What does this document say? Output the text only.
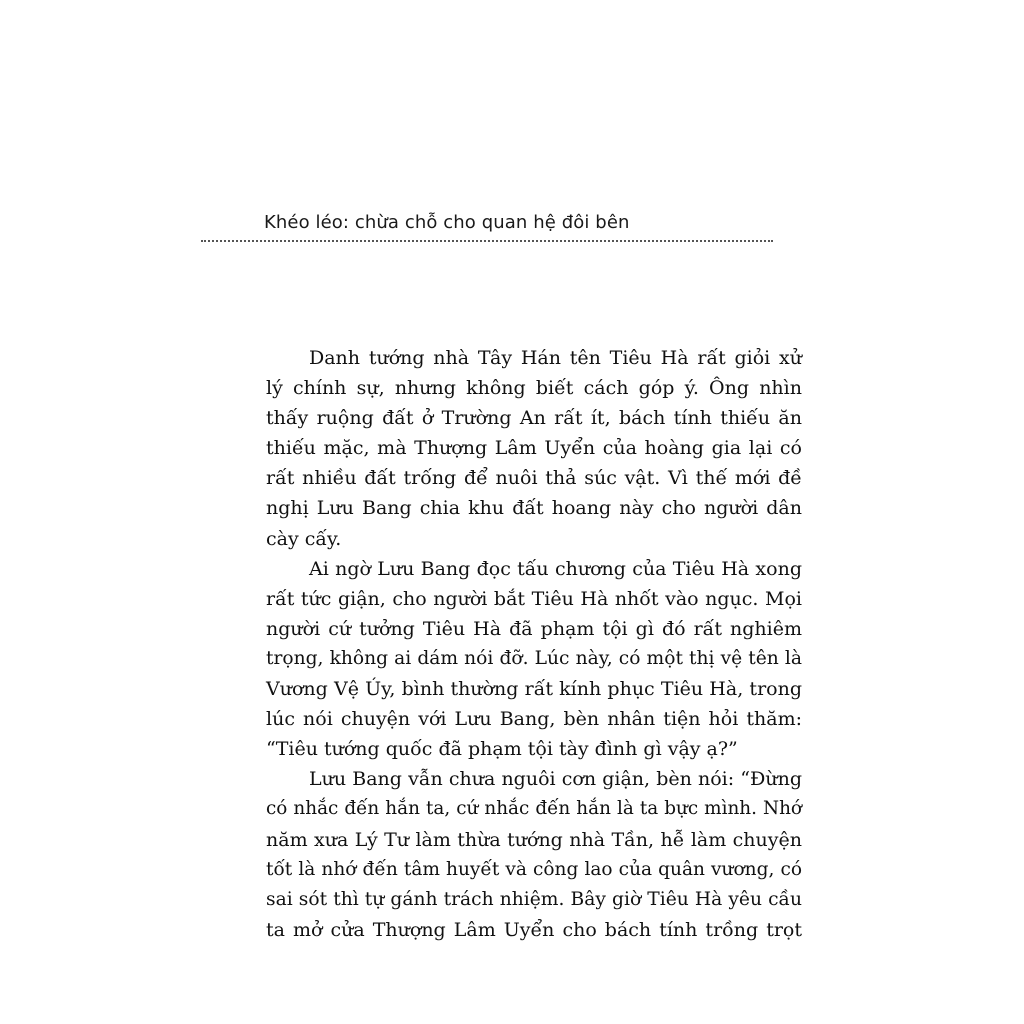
Khéo léo: chừa chỗ cho quan hệ đôi bên

Danh tướng nhà Tây Hán tên Tiêu Hà rất giỏi xử
lý chính sự, nhưng không biết cách góp ý. Ông nhìn
thấy ruộng đất ở Trường An rất ít, bách tính thiếu ăn
thiếu mặc, mà Thượng Lâm Uyển của hoàng gia lại có
rất nhiều đất trống để nuôi thả súc vật. Vì thế mới đề
nghị Lưu Bang chia khu đất hoang này cho người dân
cày cấy.

Ai ngờ Lưu Bang đọc tấu chương của Tiêu Hà xong
rất tức giận, cho người bắt Tiêu Hà nhốt vào ngục. Mọi
người cứ tưởng Tiêu Hà đã phạm tội gì đó rất nghiêm
trọng, không ai dám nói đỡ. Lúc này, có một thị vệ tên là
Vương Vệ Úy, bình thường rất kính phục Tiêu Hà, trong
lúc nói chuyện với Lưu Bang, bèn nhân tiện hỏi thăm:
“Tiêu tướng quốc đã phạm tội tày đình gì vậy ạ?”

Lưu Bang vẫn chưa nguôi cơn giận, bèn nói: “Đừng
có nhắc đến hắn ta, cứ nhắc đến hắn là ta bực mình. Nhớ
năm xưa Lý Tư làm thừa tướng nhà Tần, hễ làm chuyện
tốt là nhớ đến tâm huyết và công lao của quân vương, có
sai sót thì tự gánh trách nhiệm. Bây giờ Tiêu Hà yêu cầu
ta mở cửa Thượng Lâm Uyển cho bách tính trồng trọt
